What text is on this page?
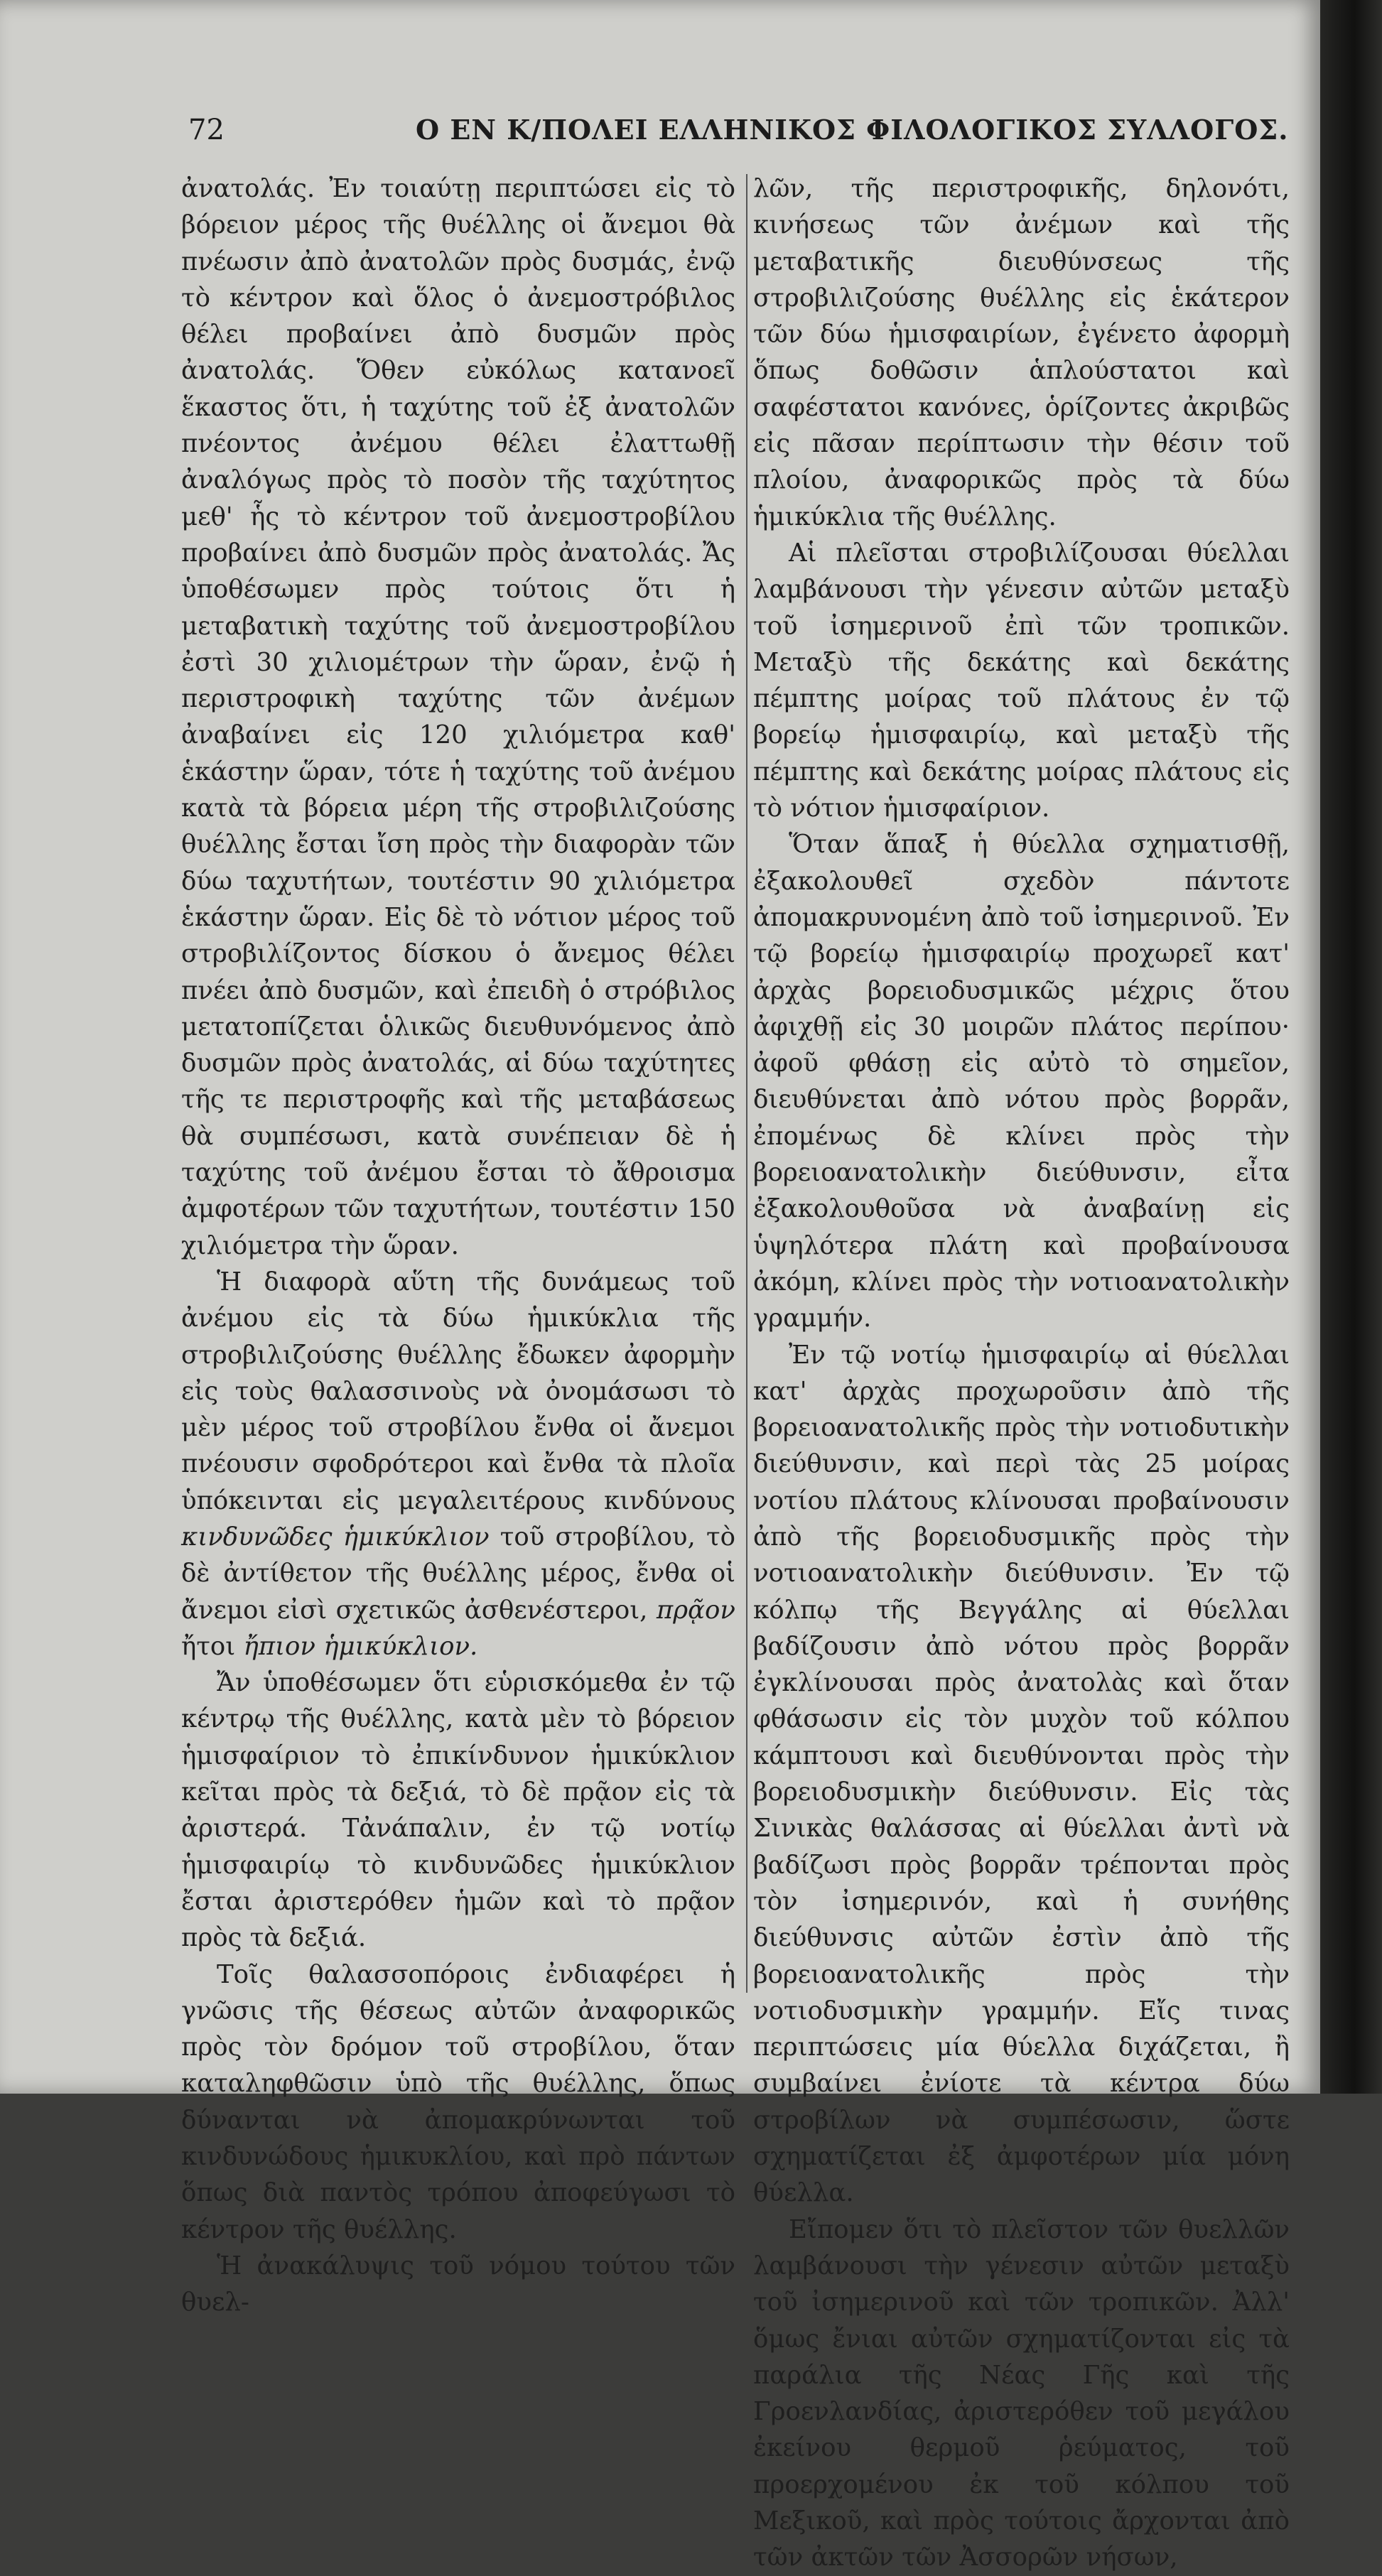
72	Ο ΕΝ Κ/ΠΟΛΕΙ ΕΛΛΗΝΙΚΟΣ ΦΙΛΟΛΟΓΙΚΟΣ ΣΥΛΛΟΓΟΣ.

ἀνατολάς. Ἐν τοιαύτῃ περιπτώσει εἰς τὸ βόρειον μέρος τῆς θυέλλης οἱ ἄνεμοι θὰ πνέωσιν ἀπὸ ἀνατολῶν πρὸς δυσμάς, ἐνῷ τὸ κέντρον καὶ ὅλος ὁ ἀνεμοστρόβιλος θέλει προβαίνει ἀπὸ δυσμῶν πρὸς ἀνατολάς. Ὅθεν εὐκόλως κατανοεῖ ἕκαστος ὅτι, ἡ ταχύτης τοῦ ἐξ ἀνατολῶν πνέοντος ἀνέμου θέλει ἐλαττωθῇ ἀναλόγως πρὸς τὸ ποσὸν τῆς ταχύτητος μεθ' ἧς τὸ κέντρον τοῦ ἀνεμοστροβίλου προβαίνει ἀπὸ δυσμῶν πρὸς ἀνατολάς. Ἄς ὑποθέσωμεν πρὸς τούτοις ὅτι ἡ μεταβατικὴ ταχύτης τοῦ ἀνεμοστροβίλου ἐστὶ 30 χιλιομέτρων τὴν ὥραν, ἐνῷ ἡ περιστροφικὴ ταχύτης τῶν ἀνέμων ἀναβαίνει εἰς 120 χιλιόμετρα καθ' ἑκάστην ὥραν, τότε ἡ ταχύτης τοῦ ἀνέμου κατὰ τὰ βόρεια μέρη τῆς στροβιλιζούσης θυέλλης ἔσται ἴση πρὸς τὴν διαφορὰν τῶν δύω ταχυτήτων, τουτέστιν 90 χιλιόμετρα ἑκάστην ὥραν. Εἰς δὲ τὸ νότιον μέρος τοῦ στροβιλίζοντος δίσκου ὁ ἄνεμος θέλει πνέει ἀπὸ δυσμῶν, καὶ ἐπειδὴ ὁ στρόβιλος μετατοπίζεται ὁλικῶς διευθυνόμενος ἀπὸ δυσμῶν πρὸς ἀνατολάς, αἱ δύω ταχύτητες τῆς τε περιστροφῆς καὶ τῆς μεταβάσεως θὰ συμπέσωσι, κατὰ συνέπειαν δὲ ἡ ταχύτης τοῦ ἀνέμου ἔσται τὸ ἄθροισμα ἀμφοτέρων τῶν ταχυτήτων, τουτέστιν 150 χιλιόμετρα τὴν ὥραν.

Ἡ διαφορὰ αὕτη τῆς δυνάμεως τοῦ ἀνέμου εἰς τὰ δύω ἡμικύκλια τῆς στροβιλιζούσης θυέλλης ἔδωκεν ἀφορμὴν εἰς τοὺς θαλασσινοὺς νὰ ὀνομάσωσι τὸ μὲν μέρος τοῦ στροβίλου ἔνθα οἱ ἄνεμοι πνέουσιν σφοδρότεροι καὶ ἔνθα τὰ πλοῖα ὑπόκεινται εἰς μεγαλειτέρους κινδύνους κινδυνῶδες ἡμικύκλιον τοῦ στροβίλου, τὸ δὲ ἀντίθετον τῆς θυέλλης μέρος, ἔνθα οἱ ἄνεμοι εἰσὶ σχετικῶς ἀσθενέστεροι, πρᾷον ἤτοι ἤπιον ἡμικύκλιον.

Ἄν ὑποθέσωμεν ὅτι εὑρισκόμεθα ἐν τῷ κέντρῳ τῆς θυέλλης, κατὰ μὲν τὸ βόρειον ἡμισφαίριον τὸ ἐπικίνδυνον ἡμικύκλιον κεῖται πρὸς τὰ δεξιά, τὸ δὲ πρᾷον εἰς τὰ ἀριστερά. Τἀνάπαλιν, ἐν τῷ νοτίῳ ἡμισφαιρίῳ τὸ κινδυνῶδες ἡμικύκλιον ἔσται ἀριστερόθεν ἡμῶν καὶ τὸ πρᾷον πρὸς τὰ δεξιά.

Τοῖς θαλασσοπόροις ἐνδιαφέρει ἡ γνῶσις τῆς θέσεως αὐτῶν ἀναφορικῶς πρὸς τὸν δρόμον τοῦ στροβίλου, ὅταν καταληφθῶσιν ὑπὸ τῆς θυέλλης, ὅπως δύνανται νὰ ἀπομακρύνωνται τοῦ κινδυνώδους ἡμικυκλίου, καὶ πρὸ πάντων ὅπως διὰ παντὸς τρόπου ἀποφεύγωσι τὸ κέντρον τῆς θυέλλης.

Ἡ ἀνακάλυψις τοῦ νόμου τούτου τῶν θυελ-

λῶν, τῆς περιστροφικῆς, δηλονότι, κινήσεως τῶν ἀνέμων καὶ τῆς μεταβατικῆς διευθύνσεως τῆς στροβιλιζούσης θυέλλης εἰς ἑκάτερον τῶν δύω ἡμισφαιρίων, ἐγένετο ἀφορμὴ ὅπως δοθῶσιν ἁπλούστατοι καὶ σαφέστατοι κανόνες, ὁρίζοντες ἀκριβῶς εἰς πᾶσαν περίπτωσιν τὴν θέσιν τοῦ πλοίου, ἀναφορικῶς πρὸς τὰ δύω ἡμικύκλια τῆς θυέλλης.

Αἱ πλεῖσται στροβιλίζουσαι θύελλαι λαμβάνουσι τὴν γένεσιν αὐτῶν μεταξὺ τοῦ ἰσημερινοῦ ἐπὶ τῶν τροπικῶν. Μεταξὺ τῆς δεκάτης καὶ δεκάτης πέμπτης μοίρας τοῦ πλάτους ἐν τῷ βορείῳ ἡμισφαιρίῳ, καὶ μεταξὺ τῆς πέμπτης καὶ δεκάτης μοίρας πλάτους εἰς τὸ νότιον ἡμισφαίριον.

Ὅταν ἅπαξ ἡ θύελλα σχηματισθῇ, ἐξακολουθεῖ σχεδὸν πάντοτε ἀπομακρυνομένη ἀπὸ τοῦ ἰσημερινοῦ. Ἐν τῷ βορείῳ ἡμισφαιρίῳ προχωρεῖ κατ' ἀρχὰς βορειοδυσμικῶς μέχρις ὅτου ἀφιχθῇ εἰς 30 μοιρῶν πλάτος περίπου· ἀφοῦ φθάσῃ εἰς αὐτὸ τὸ σημεῖον, διευθύνεται ἀπὸ νότου πρὸς βορρᾶν, ἐπομένως δὲ κλίνει πρὸς τὴν βορειοανατολικὴν διεύθυνσιν, εἶτα ἐξακολουθοῦσα νὰ ἀναβαίνῃ εἰς ὑψηλότερα πλάτη καὶ προβαίνουσα ἀκόμη, κλίνει πρὸς τὴν νοτιοανατολικὴν γραμμήν.

Ἐν τῷ νοτίῳ ἡμισφαιρίῳ αἱ θύελλαι κατ' ἀρχὰς προχωροῦσιν ἀπὸ τῆς βορειοανατολικῆς πρὸς τὴν νοτιοδυτικὴν διεύθυνσιν, καὶ περὶ τὰς 25 μοίρας νοτίου πλάτους κλίνουσαι προβαίνουσιν ἀπὸ τῆς βορειοδυσμικῆς πρὸς τὴν νοτιοανατολικὴν διεύθυνσιν. Ἐν τῷ κόλπῳ τῆς Βεγγάλης αἱ θύελλαι βαδίζουσιν ἀπὸ νότου πρὸς βορρᾶν ἐγκλίνουσαι πρὸς ἀνατολὰς καὶ ὅταν φθάσωσιν εἰς τὸν μυχὸν τοῦ κόλπου κάμπτουσι καὶ διευθύνονται πρὸς τὴν βορειοδυσμικὴν διεύθυνσιν. Εἰς τὰς Σινικὰς θαλάσσας αἱ θύελλαι ἀντὶ νὰ βαδίζωσι πρὸς βορρᾶν τρέπονται πρὸς τὸν ἰσημερινόν, καὶ ἡ συνήθης διεύθυνσις αὐτῶν ἐστὶν ἀπὸ τῆς βορειοανατολικῆς πρὸς τὴν νοτιοδυσμικὴν γραμμήν. Εἴς τινας περιπτώσεις μία θύελλα διχάζεται, ἢ συμβαίνει ἐνίοτε τὰ κέντρα δύω στροβίλων νὰ συμπέσωσιν, ὥστε σχηματίζεται ἐξ ἀμφοτέρων μία μόνη θύελλα.

Εἴπομεν ὅτι τὸ πλεῖστον τῶν θυελλῶν λαμβάνουσι τὴν γένεσιν αὐτῶν μεταξὺ τοῦ ἰσημερινοῦ καὶ τῶν τροπικῶν. Ἀλλ' ὅμως ἔνιαι αὐτῶν σχηματίζονται εἰς τὰ παράλια τῆς Νέας Γῆς καὶ τῆς Γροενλανδίας, ἀριστερόθεν τοῦ μεγάλου ἐκείνου θερμοῦ ῥεύματος, τοῦ προερχομένου ἐκ τοῦ κόλπου τοῦ Μεξικοῦ, καὶ πρὸς τούτοις ἄρχονται ἀπὸ τῶν ἀκτῶν τῶν Ἀσσορῶν νήσων,
